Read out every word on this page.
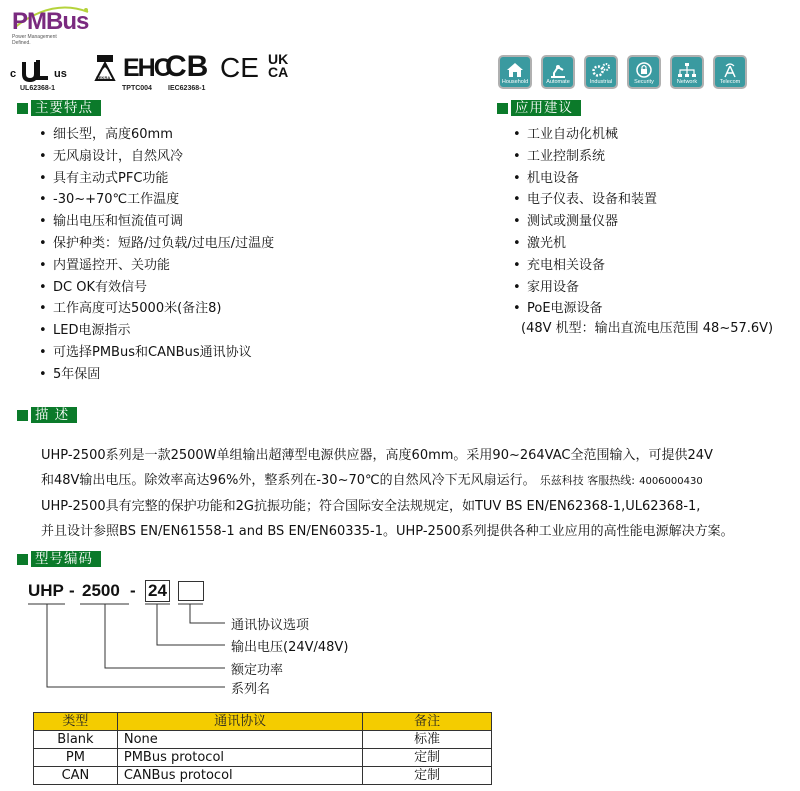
PMBus
Power Management
Defined.
c	us
UL62368-1
DEKRA EHC
TPTC004
CB
IEC62368-1
CE UK
CA
Household	Automate	Industrial	Security	Network	Telecom
主要特点
• 细长型，高度60mm
• 无风扇设计，自然风冷
• 具有主动式PFC功能
• -30~+70℃工作温度
• 输出电压和恒流值可调
• 保护种类：短路/过负载/过电压/过温度
• 内置遥控开、关功能
• DC OK有效信号
• 工作高度可达5000米(备注8)
• LED电源指示
• 可选择PMBus和CANBus通讯协议
• 5年保固
应用建议
• 工业自动化机械
• 工业控制系统
• 机电设备
• 电子仪表、设备和装置
• 测试或测量仪器
• 激光机
• 充电相关设备
• 家用设备
• PoE电源设备
(48V 机型：输出直流电压范围 48~57.6V)
描 述

UHP-2500系列是一款2500W单组输出超薄型电源供应器，高度60mm。采用90~264VAC全范围输入，可提供24V

和48V输出电压。除效率高达96%外，整系列在-30~70℃的自然风冷下无风扇运行。 乐兹科技 客服热线: 4006000430

UHP-2500具有完整的保护功能和2G抗振功能；符合国际安全法规规定，如TUV BS EN/EN62368-1,UL62368-1,

并且设计参照BS EN/EN61558-1 and BS EN/EN60335-1。UHP-2500系列提供各种工业应用的高性能电源解决方案。

型号编码
UHP - 2500 - 24
通讯协议选项
输出电压(24V/48V)
额定功率
系列名
类型	通讯协议	备注
Blank	None	标准
PM	PMBus protocol	定制
CAN	CANBus protocol	定制
